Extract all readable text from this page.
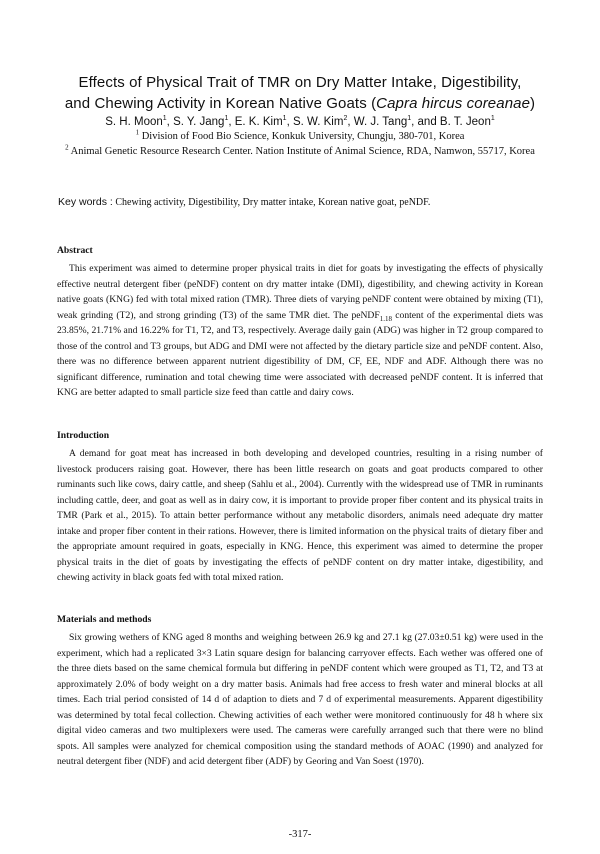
Effects of Physical Trait of TMR on Dry Matter Intake, Digestibility,
and Chewing Activity in Korean Native Goats (Capra hircus coreanae)
S. H. Moon$^1$, S. Y. Jang$^1$, E. K. Kim$^1$, S. W. Kim$^2$, W. J. Tang$^1$, and B. T. Jeon$^1$

$^1$ Division of Food Bio Science, Konkuk University, Chungju, 380-701, Korea

$^2$ Animal Genetic Resource Research Center. Nation Institute of Animal Science, RDA, Namwon, 55717, Korea

Key words : Chewing activity, Digestibility, Dry matter intake, Korean native goat, peNDF.
Abstract

This experiment was aimed to determine proper physical traits in diet for goats by investigating the effects of physically effective neutral detergent fiber (peNDF) content on dry matter intake (DMI), digestibility, and chewing activity in Korean native goats (KNG) fed with total mixed ration (TMR). Three diets of varying peNDF content were obtained by mixing (T1), weak grinding (T2), and strong grinding (T3) of the same TMR diet. The peNDF$_{1.18}$ content of the experimental diets was 23.85%, 21.71% and 16.22% for T1, T2, and T3, respectively. Average daily gain (ADG) was higher in T2 group compared to those of the control and T3 groups, but ADG and DMI were not affected by the dietary particle size and peNDF content. Also, there was no difference between apparent nutrient digestibility of DM, CF, EE, NDF and ADF. Although there was no significant difference, rumination and total chewing time were associated with decreased peNDF content. It is inferred that KNG are better adapted to small particle size feed than cattle and dairy cows.

Introduction

A demand for goat meat has increased in both developing and developed countries, resulting in a rising number of livestock producers raising goat. However, there has been little research on goats and goat products compared to other ruminants such like cows, dairy cattle, and sheep (Sahlu et al., 2004). Currently with the widespread use of TMR in ruminants including cattle, deer, and goat as well as in dairy cow, it is important to provide proper fiber content and its physical traits in TMR (Park et al., 2015). To attain better performance without any metabolic disorders, animals need adequate dry matter intake and proper fiber content in their rations. However, there is limited information on the physical traits of dietary fiber and the appropriate amount required in goats, especially in KNG. Hence, this experiment was aimed to determine the proper physical traits in the diet of goats by investigating the effects of peNDF content on dry matter intake, digestibility, and chewing activity in black goats fed with total mixed ration.

Materials and methods

Six growing wethers of KNG aged 8 months and weighing between 26.9 kg and 27.1 kg (27.03±0.51 kg) were used in the experiment, which had a replicated 3×3 Latin square design for balancing carryover effects. Each wether was offered one of the three diets based on the same chemical formula but differing in peNDF content which were grouped as T1, T2, and T3 at approximately 2.0% of body weight on a dry matter basis. Animals had free access to fresh water and mineral blocks at all times. Each trial period consisted of 14 d of adaption to diets and 7 d of experimental measurements. Apparent digestibility was determined by total fecal collection. Chewing activities of each wether were monitored continuously for 48 h where six digital video cameras and two multiplexers were used. The cameras were carefully arranged such that there were no blind spots. All samples were analyzed for chemical composition using the standard methods of AOAC (1990) and analyzed for neutral detergent fiber (NDF) and acid detergent fiber (ADF) by Georing and Van Soest (1970).

-317-
